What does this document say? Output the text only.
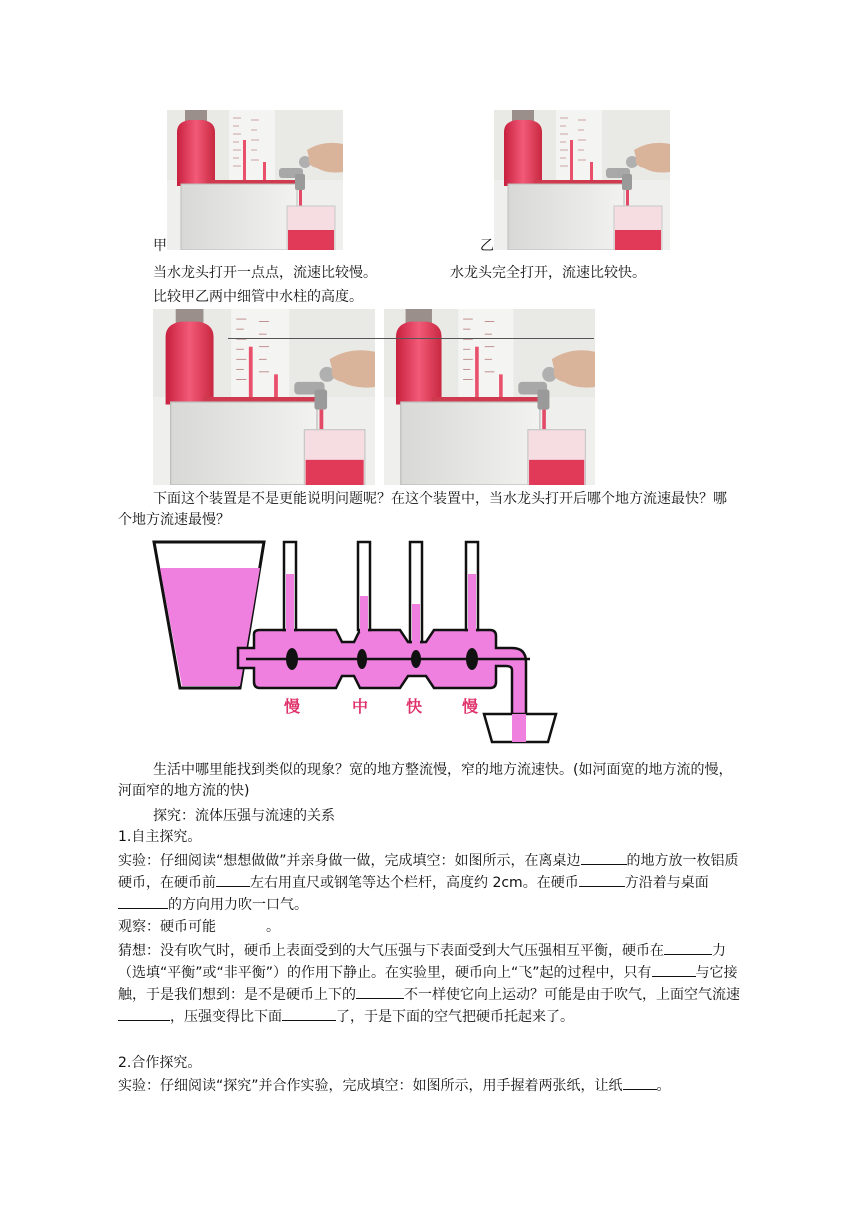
甲	乙
当水龙头打开一点点，流速比较慢。	水龙头完全打开，流速比较快。
比较甲乙两中细管中水柱的高度。
下面这个装置是不是更能说明问题呢？在这个装置中，当水龙头打开后哪个地方流速最快？哪个地方流速最慢？
慢	中 快 慢
生活中哪里能找到类似的现象？宽的地方整流慢，窄的地方流速快。(如河面宽的地方流的慢，河面窄的地方流的快)
探究：流体压强与流速的关系
1.自主探究。
实验：仔细阅读“想想做做”并亲身做一做，完成填空：如图所示，在离桌边	的地方放一枚铝质硬币，在硬币前 左右用直尺或钢笔等达个栏杆，高度约 2cm。在硬币	方沿着与桌面的方向用力吹一口气。
观察：硬币可能	。
猜想：没有吹气时，硬币上表面受到的大气压强与下表面受到大气压强相互平衡，硬币在	力（选填“平衡”或“非平衡”）的作用下静止。在实验里，硬币向上“飞”起的过程中，只有	与它接触，于是我们想到：是不是硬币上下的	不一样使它向上运动？可能是由于吹气，上面空气流速，压强变得比下面	了，于是下面的空气把硬币托起来了。
2.合作探究。
实验：仔细阅读“探究”并合作实验，完成填空：如图所示，用手握着两张纸，让纸 。
